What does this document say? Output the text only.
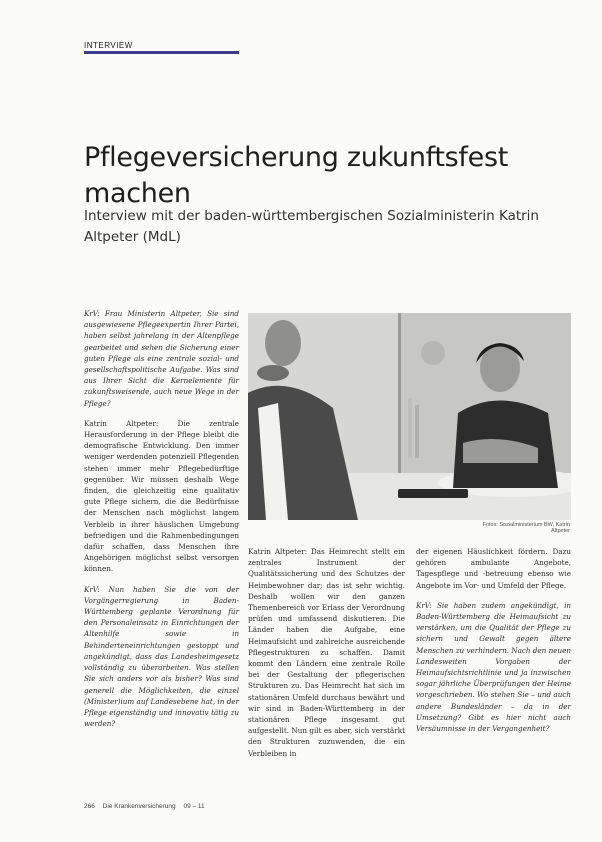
INTERVIEW
Pflegeversicherung zukunftsfest machen
Interview mit der baden-württembergischen Sozialministerin Katrin Altpeter (MdL)

KrV: Frau Ministerin Altpeter, Sie sind ausgewiesene Pflegeexpertin Ihrer Partei, haben selbst jahrelang in der Altenpflege gearbeitet und sehen die Sicherung einer guten Pflege als eine zentrale sozial- und gesellschaftspolitische Aufgabe. Was sind aus Ihrer Sicht die Kernelemente für zukunftsweisende, auch neue Wege in der Pflege?

Katrin Altpeter: Die zentrale Herausforderung in der Pflege bleibt die demografische Entwicklung. Den immer weniger werdenden potenziell Pflegenden stehen immer mehr Pflegebedürftige gegenüber. Wir müssen deshalb Wege finden, die gleichzeitig eine qualitativ gute Pflege sichern, die die Bedürfnisse der Menschen nach möglichst langem Verbleib in ihrer häuslichen Umgebung befriedigen und die Rahmenbedingungen dafür schaffen, dass Menschen ihre Angehörigen möglichst selbst versorgen können.

KrV: Nun haben Sie die von der Vorgängerregierung in Baden-Württemberg geplante Verordnung für den Personaleinsatz in Einrichtungen der Altenhilfe sowie in Behinderteneinrichtungen gestoppt und angekündigt, dass das Landesheimgesetz vollständig zu überarbeiten. Was stellen Sie sich anders vor als bisher? Was sind generell die Möglichkeiten, die einzel (Minister)ium auf Landesebene hat, in der Pflege eigenständig und innovativ tätig zu werden?

Fotos: Sozialministerium BW, Katrin Altpeter

Katrin Altpeter: Das Heimrecht stellt ein zentrales Instrument der Qualitätssicherung und des Schutzes der Heimbewohner dar; das ist sehr wichtig. Deshalb wollen wir den ganzen Themenbereich vor Erlass der Verordnung prüfen und umfassend diskutieren. Die Länder haben die Aufgabe, eine Heimaufsicht und zahlreiche ausreichende Pflegestrukturen zu schaffen. Damit kommt den Ländern eine zentrale Rolle bei der Gestaltung der pflegerischen Strukturen zu. Das Heimrecht hat sich im stationären Umfeld durchaus bewährt und wir sind in Baden-Württemberg in der stationären Pflege insgesamt gut aufgestellt. Nun gilt es aber, sich verstärkt den Strukturen zuzuwenden, die ein Verbleiben in

der eigenen Häuslichkeit fördern. Dazu gehören ambulante Angebote, Tagespflege und -betreuung ebenso wie Angebote im Vor- und Umfeld der Pflege.

KrV: Sie haben zudem angekündigt, in Baden-Württemberg die Heimaufsicht zu verstärken, um die Qualität der Pflege zu sichern und Gewalt gegen ältere Menschen zu verhindern. Nach den neuen Landesweiten Vorgaben der Heimaufsichtsrichtlinie und ja inzwischen sogar jährliche Überprüfungen der Heime vorgeschrieben. Wo stehen Sie – und auch andere Bundesländer – da in der Umsetzung? Gibt es hier nicht auch Versäumnisse in der Vergangenheit?

266 Die Krankenversicherung 09 – 11
